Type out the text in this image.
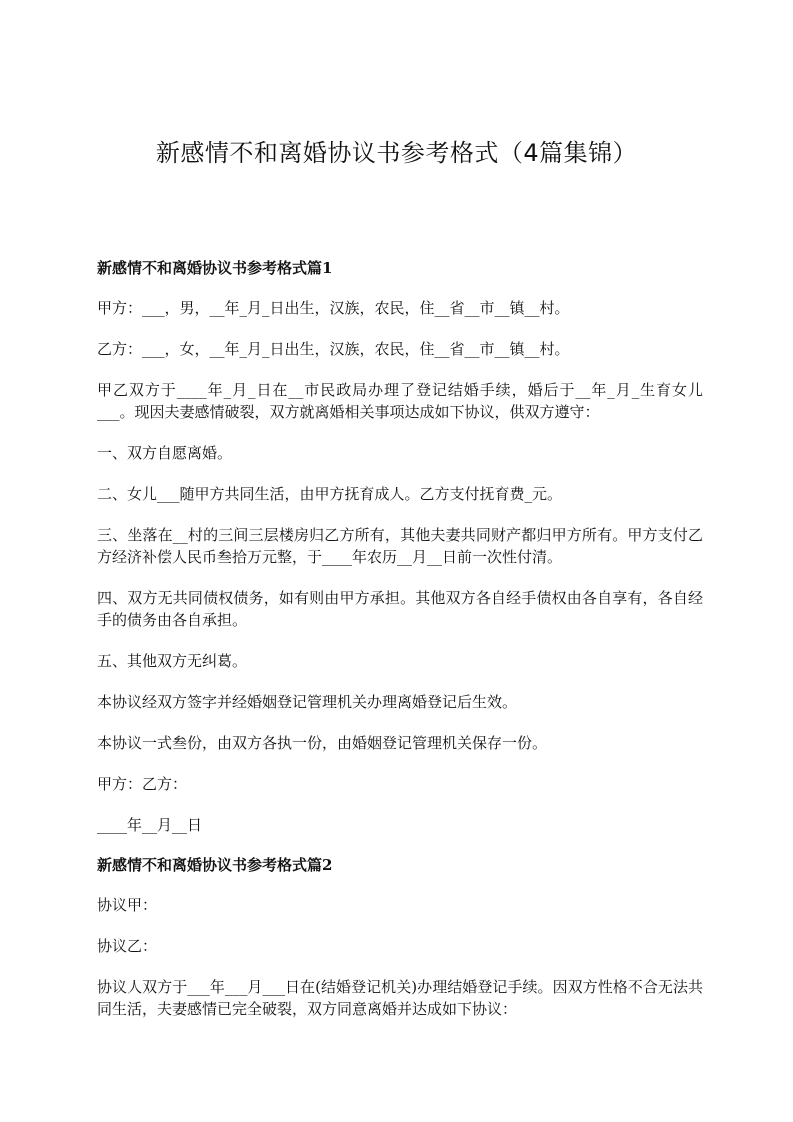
新感情不和离婚协议书参考格式（4篇集锦）

新感情不和离婚协议书参考格式篇1

甲方：___，男，__年_月_日出生，汉族，农民，住__省__市__镇__村。

乙方：___，女，__年_月_日出生，汉族，农民，住__省__市__镇__村。

甲乙双方于____年_月_日在__市民政局办理了登记结婚手续，婚后于__年_月_生育女儿___。现因夫妻感情破裂，双方就离婚相关事项达成如下协议，供双方遵守：

一、双方自愿离婚。

二、女儿___随甲方共同生活，由甲方抚育成人。乙方支付抚育费_元。

三、坐落在__村的三间三层楼房归乙方所有，其他夫妻共同财产都归甲方所有。甲方支付乙方经济补偿人民币叁拾万元整，于____年农历__月__日前一次性付清。

四、双方无共同债权债务，如有则由甲方承担。其他双方各自经手债权由各自享有，各自经手的债务由各自承担。

五、其他双方无纠葛。

本协议经双方签字并经婚姻登记管理机关办理离婚登记后生效。

本协议一式叁份，由双方各执一份，由婚姻登记管理机关保存一份。

甲方：乙方：

____年__月__日

新感情不和离婚协议书参考格式篇2

协议甲：

协议乙：

协议人双方于___年___月___日在(结婚登记机关)办理结婚登记手续。因双方性格不合无法共同生活，夫妻感情已完全破裂，双方同意离婚并达成如下协议：
